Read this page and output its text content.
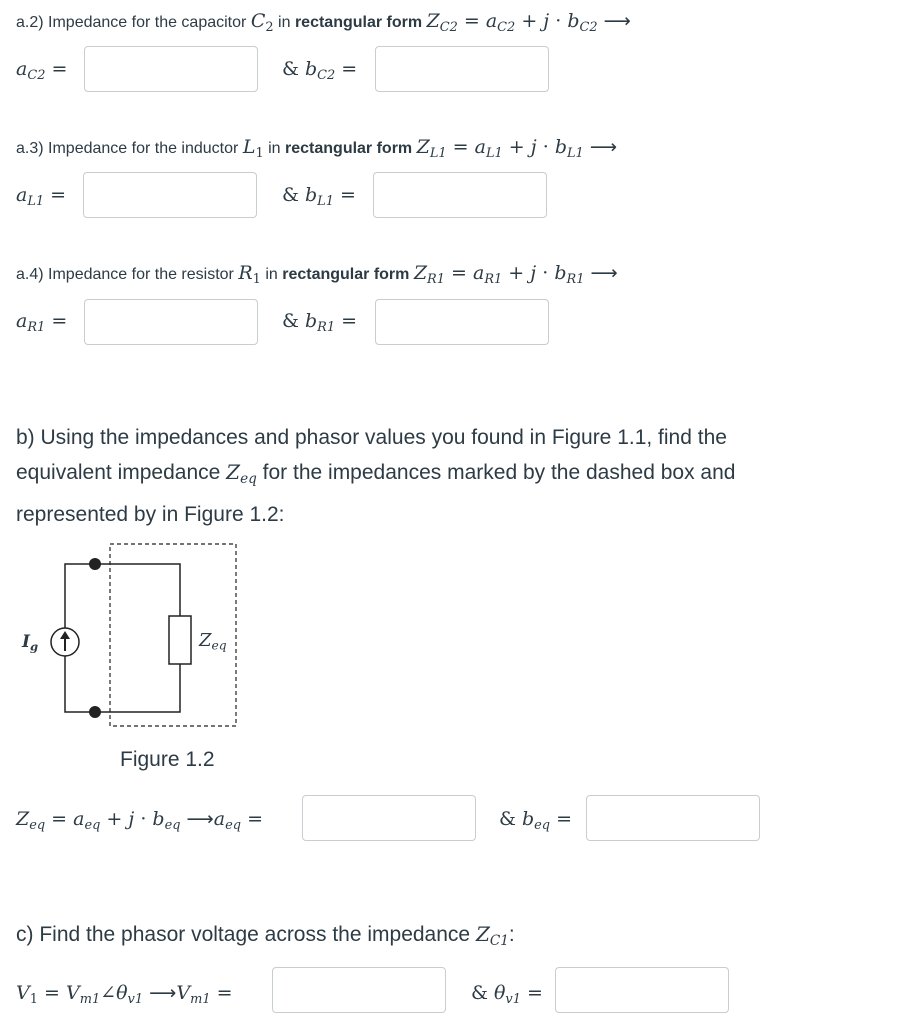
a.2) Impedance for the capacitor $C_2$ in rectangular form $Z_{C2} = a_{C2} + j \cdot b_{C2}$ ⟶
$a_{C2}$ =	& $b_{C2}$ =
a.3) Impedance for the inductor $L_1$ in rectangular form $Z_{L1} = a_{L1} + j \cdot b_{L1}$ ⟶
$a_{L1}$ =	& $b_{L1}$ =
a.4) Impedance for the resistor $R_1$ in rectangular form $Z_{R1} = a_{R1} + j \cdot b_{R1}$ ⟶
$a_{R1}$ =	& $b_{R1}$ =
b) Using the impedances and phasor values you found in Figure 1.1, find the
equivalent impedance $Z_{eq}$ for the impedances marked by the dashed box and
represented by in Figure 1.2:
$I_g$	$Z_{eq}$
Figure 1.2
$Z_{eq} = a_{eq} + j \cdot b_{eq}$ $⟶a_{eq}$ =	& $b_{eq}$ =
c) Find the phasor voltage across the impedance $Z_{C1}$:
$V_1$ = $V_{m1}\angle\theta_{v1}$ $⟶V_{m1}$ =	& $\theta_{v1}$ =
